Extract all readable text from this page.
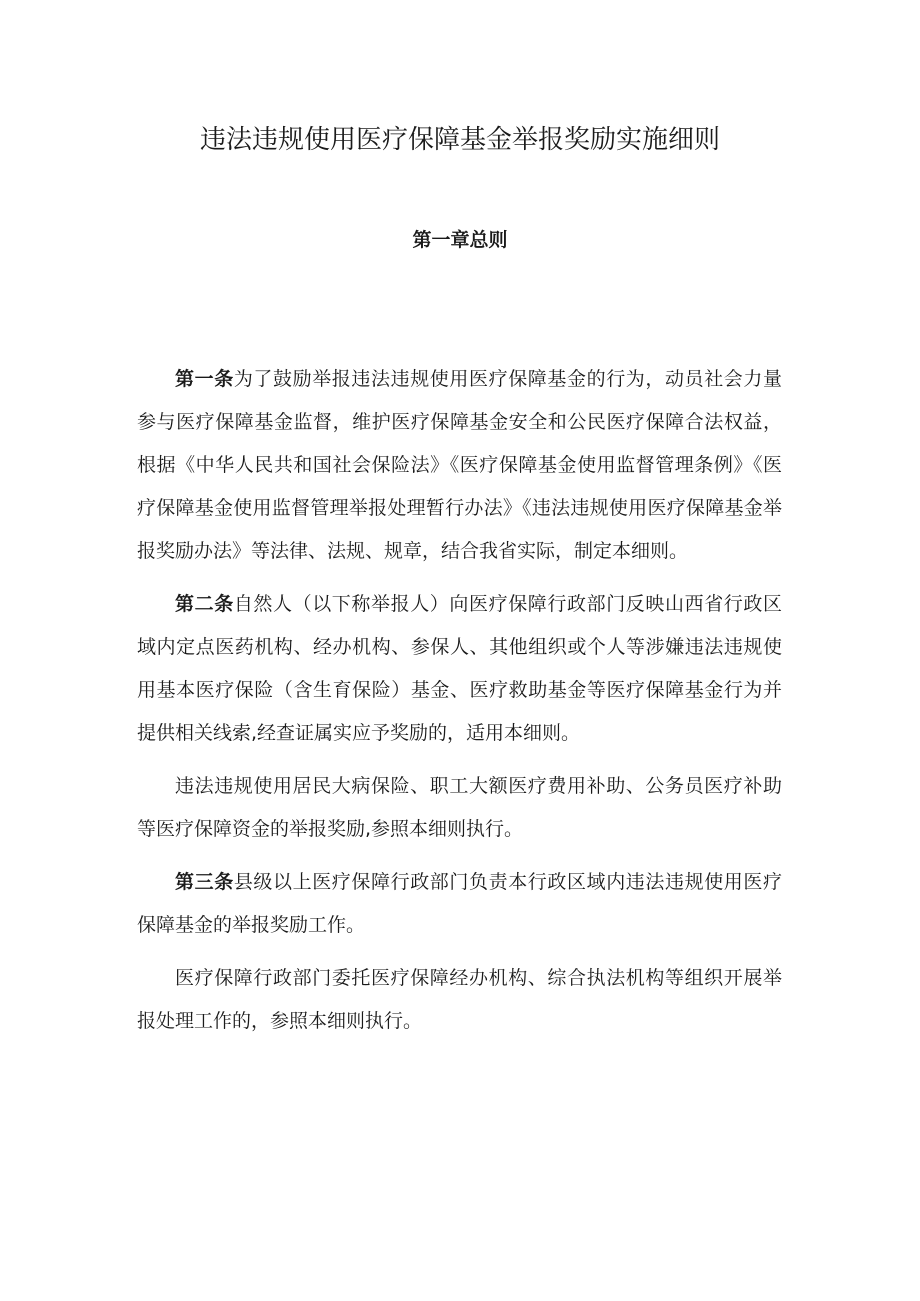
违法违规使用医疗保障基金举报奖励实施细则
第一章总则

第一条为了鼓励举报违法违规使用医疗保障基金的行为，动员社会力量参与医疗保障基金监督，维护医疗保障基金安全和公民医疗保障合法权益，根据《中华人民共和国社会保险法》《医疗保障基金使用监督管理条例》《医疗保障基金使用监督管理举报处理暂行办法》《违法违规使用医疗保障基金举报奖励办法》等法律、法规、规章，结合我省实际，制定本细则。

第二条自然人（以下称举报人）向医疗保障行政部门反映山西省行政区域内定点医药机构、经办机构、参保人、其他组织或个人等涉嫌违法违规使用基本医疗保险（含生育保险）基金、医疗救助基金等医疗保障基金行为并提供相关线索,经查证属实应予奖励的，适用本细则。

违法违规使用居民大病保险、职工大额医疗费用补助、公务员医疗补助等医疗保障资金的举报奖励,参照本细则执行。

第三条县级以上医疗保障行政部门负责本行政区域内违法违规使用医疗保障基金的举报奖励工作。

医疗保障行政部门委托医疗保障经办机构、综合执法机构等组织开展举报处理工作的，参照本细则执行。
